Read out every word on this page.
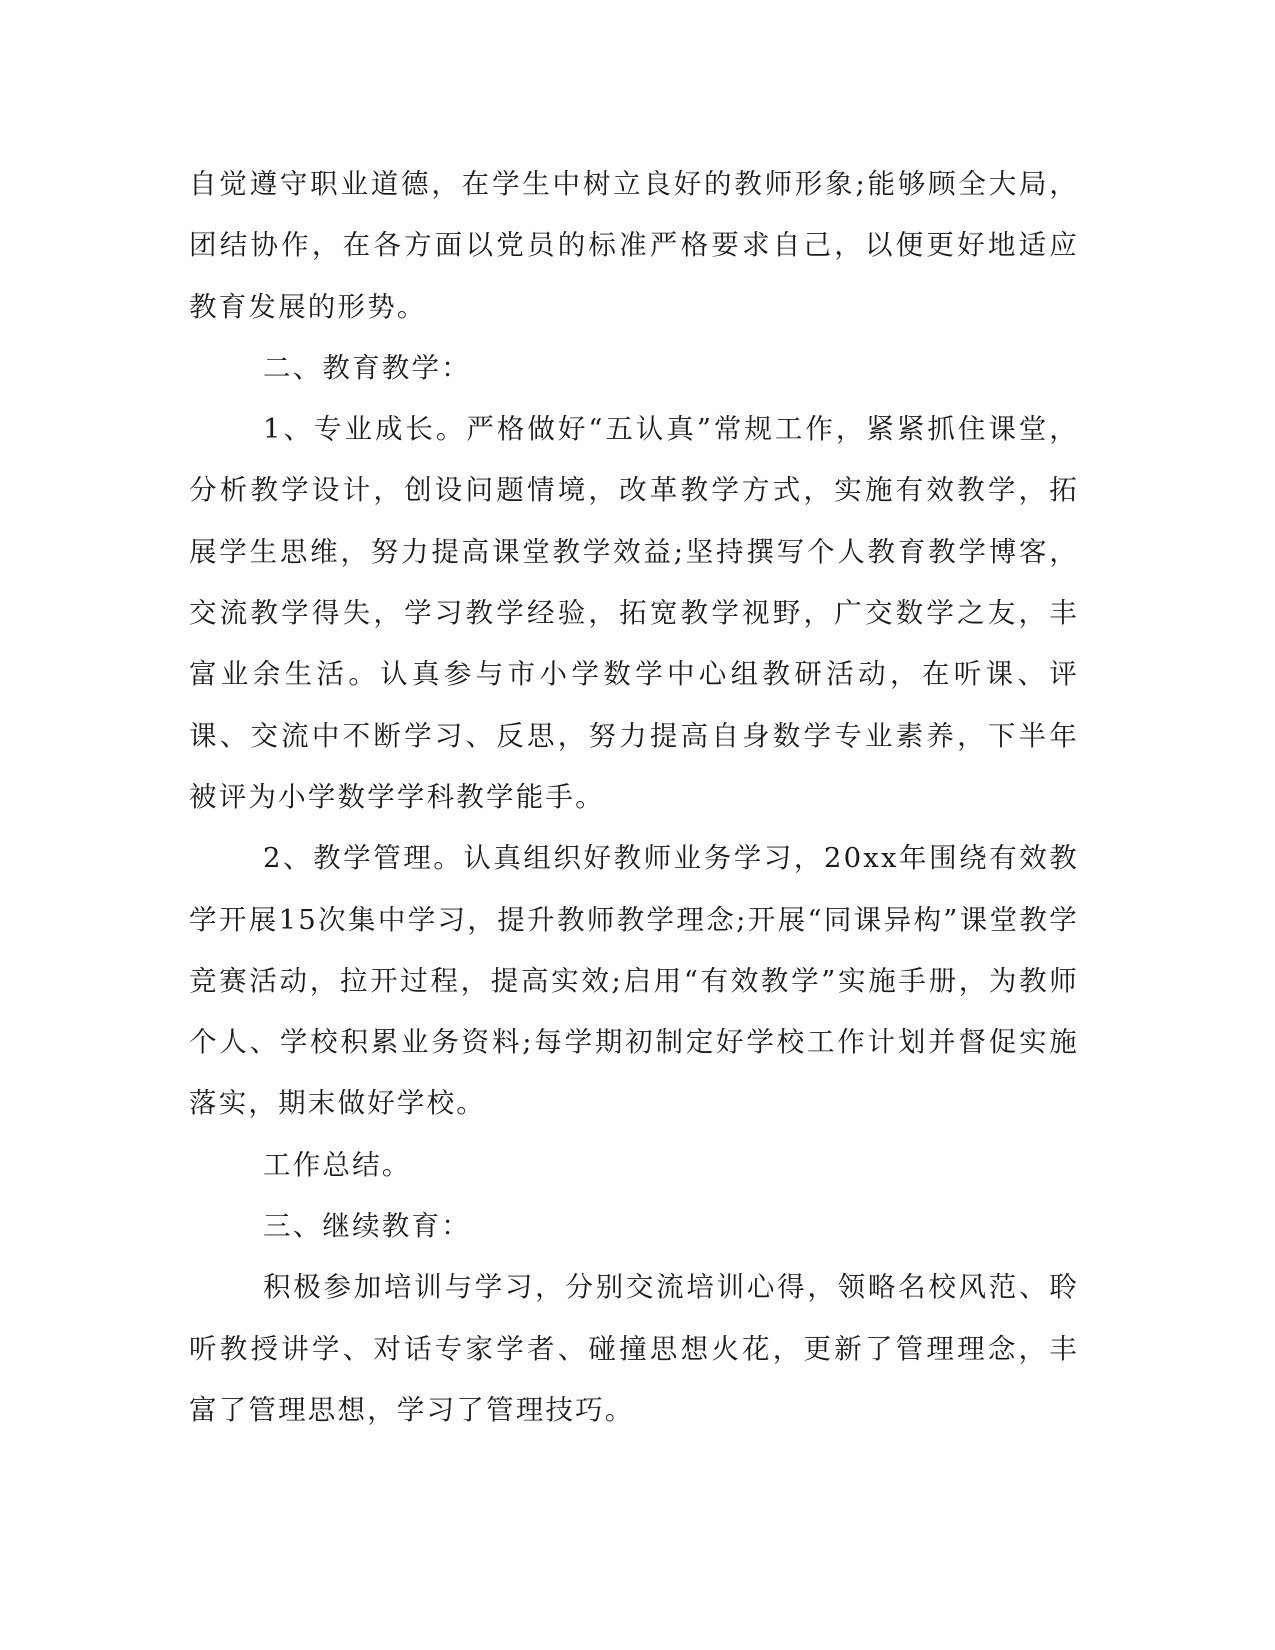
自觉遵守职业道德，在学生中树立良好的教师形象;能够顾全大局，团结协作，在各方面以党员的标准严格要求自己，以便更好地适应教育发展的形势。

二、教育教学：

1、专业成长。严格做好“五认真”常规工作，紧紧抓住课堂，分析教学设计，创设问题情境，改革教学方式，实施有效教学，拓展学生思维，努力提高课堂教学效益;坚持撰写个人教育教学博客，交流教学得失，学习教学经验，拓宽教学视野，广交数学之友，丰富业余生活。认真参与市小学数学中心组教研活动，在听课、评课、交流中不断学习、反思，努力提高自身数学专业素养，下半年被评为小学数学学科教学能手。

2、教学管理。认真组织好教师业务学习，20xx年围绕有效教学开展15次集中学习，提升教师教学理念;开展“同课异构”课堂教学竞赛活动，拉开过程，提高实效;启用“有效教学”实施手册，为教师个人、学校积累业务资料;每学期初制定好学校工作计划并督促实施落实，期末做好学校。

工作总结。

三、继续教育：

积极参加培训与学习，分别交流培训心得，领略名校风范、聆听教授讲学、对话专家学者、碰撞思想火花，更新了管理理念，丰富了管理思想，学习了管理技巧。
